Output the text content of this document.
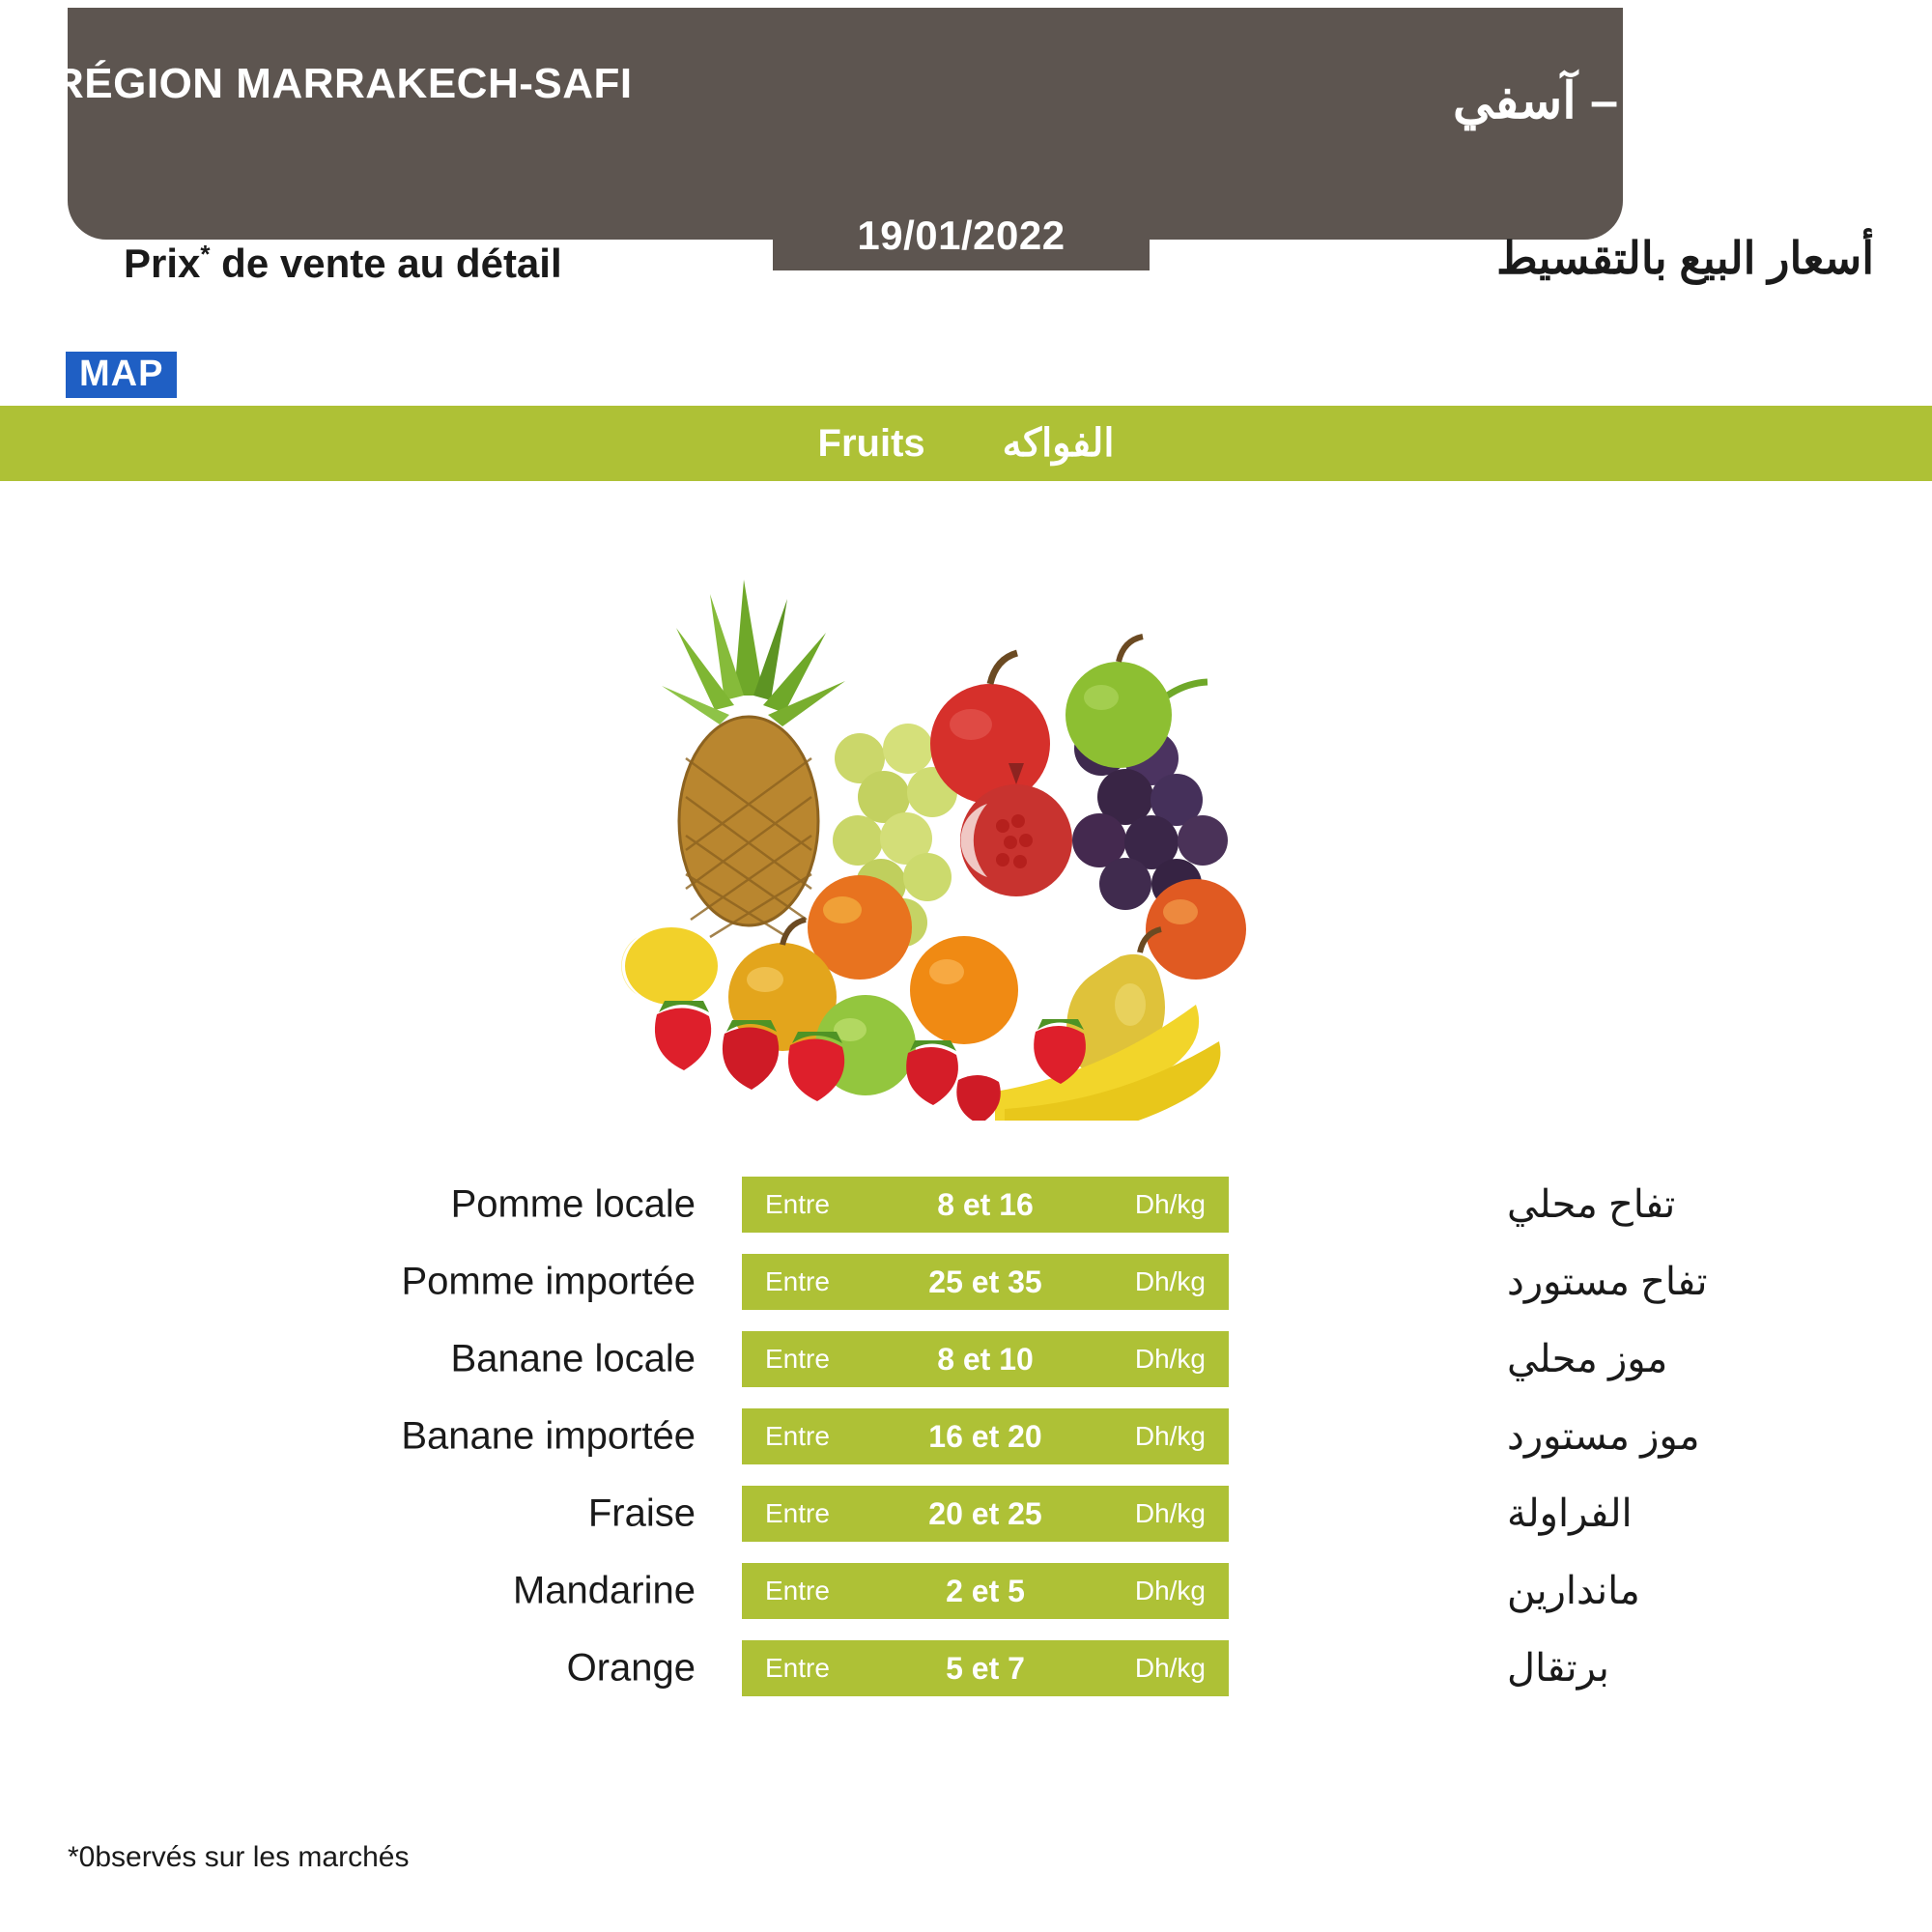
RÉGION MARRAKECH-SAFI	جهة مراكش – آسفي
Prix* de vente au détail
19/01/2022	أسعار البيع بالتقسيط
MAP
Fruits الفواكه
Pomme locale	Entre	8 et 16	Dh/kg	تفاح محلي
Pomme importée	Entre	25 et 35	Dh/kg	تفاح مستورد
Banane locale	Entre	8 et 10	Dh/kg	موز محلي
Banane importée	Entre	16 et 20	Dh/kg	موز مستورد
Fraise	Entre	20 et 25	Dh/kg	الفراولة
Mandarine	Entre	2 et 5	Dh/kg	ماندارين
Orange	Entre	5 et 7	Dh/kg	برتقال
*0bservés sur les marchés
